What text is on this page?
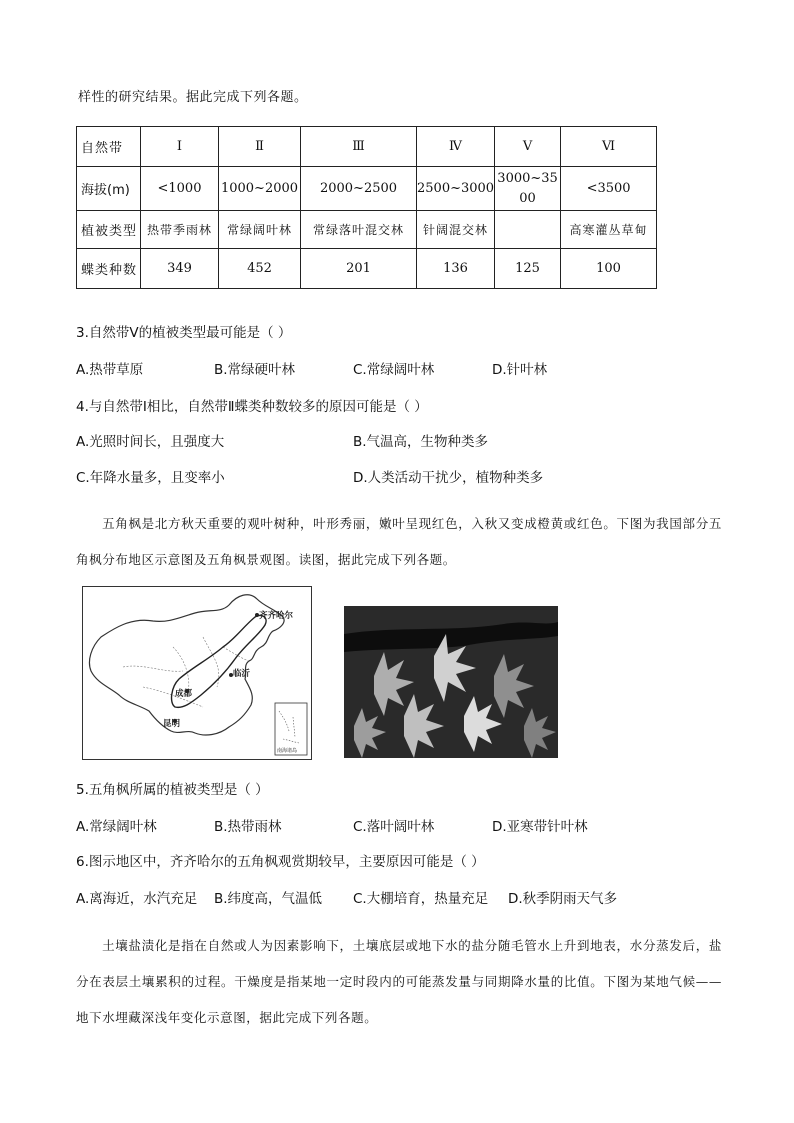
样性的研究结果。据此完成下列各题。
自然带	Ⅰ	Ⅱ	Ⅲ	Ⅳ	Ⅴ	Ⅵ
海拔(m)	<1000	1000~2000	2000~2500	2500~3000	3000~3500	<3500
植被类型	热带季雨林	常绿阔叶林	常绿落叶混交林	针阔混交林		高寒灌丛草甸
蝶类种数	349	452	201	136	125	100
3.自然带Ⅴ的植被类型最可能是（ ）
A.热带草原	B.常绿硬叶林	C.常绿阔叶林	D.针叶林
4.与自然带Ⅰ相比，自然带Ⅱ蝶类种数较多的原因可能是（ ）
A.光照时间长，且强度大	B.气温高，生物种类多
C.年降水量多，且变率小	D.人类活动干扰少，植物种类多
五角枫是北方秋天重要的观叶树种，叶形秀丽，嫩叶呈现红色，入秋又变成橙黄或红色。下图为我国部分五角枫分布地区示意图及五角枫景观图。读图，据此完成下列各题。
齐齐哈尔
成都
昆明
临沂
南海诸岛
5.五角枫所属的植被类型是（ ）
A.常绿阔叶林	B.热带雨林	C.落叶阔叶林	D.亚寒带针叶林
6.图示地区中，齐齐哈尔的五角枫观赏期较早，主要原因可能是（ ）
A.离海近，水汽充足 B.纬度高，气温低 C.大棚培育，热量充足 D.秋季阴雨天气多
土壤盐渍化是指在自然或人为因素影响下，土壤底层或地下水的盐分随毛管水上升到地表，水分蒸发后，盐分在表层土壤累积的过程。干燥度是指某地一定时段内的可能蒸发量与同期降水量的比值。下图为某地气候——地下水埋藏深浅年变化示意图，据此完成下列各题。
